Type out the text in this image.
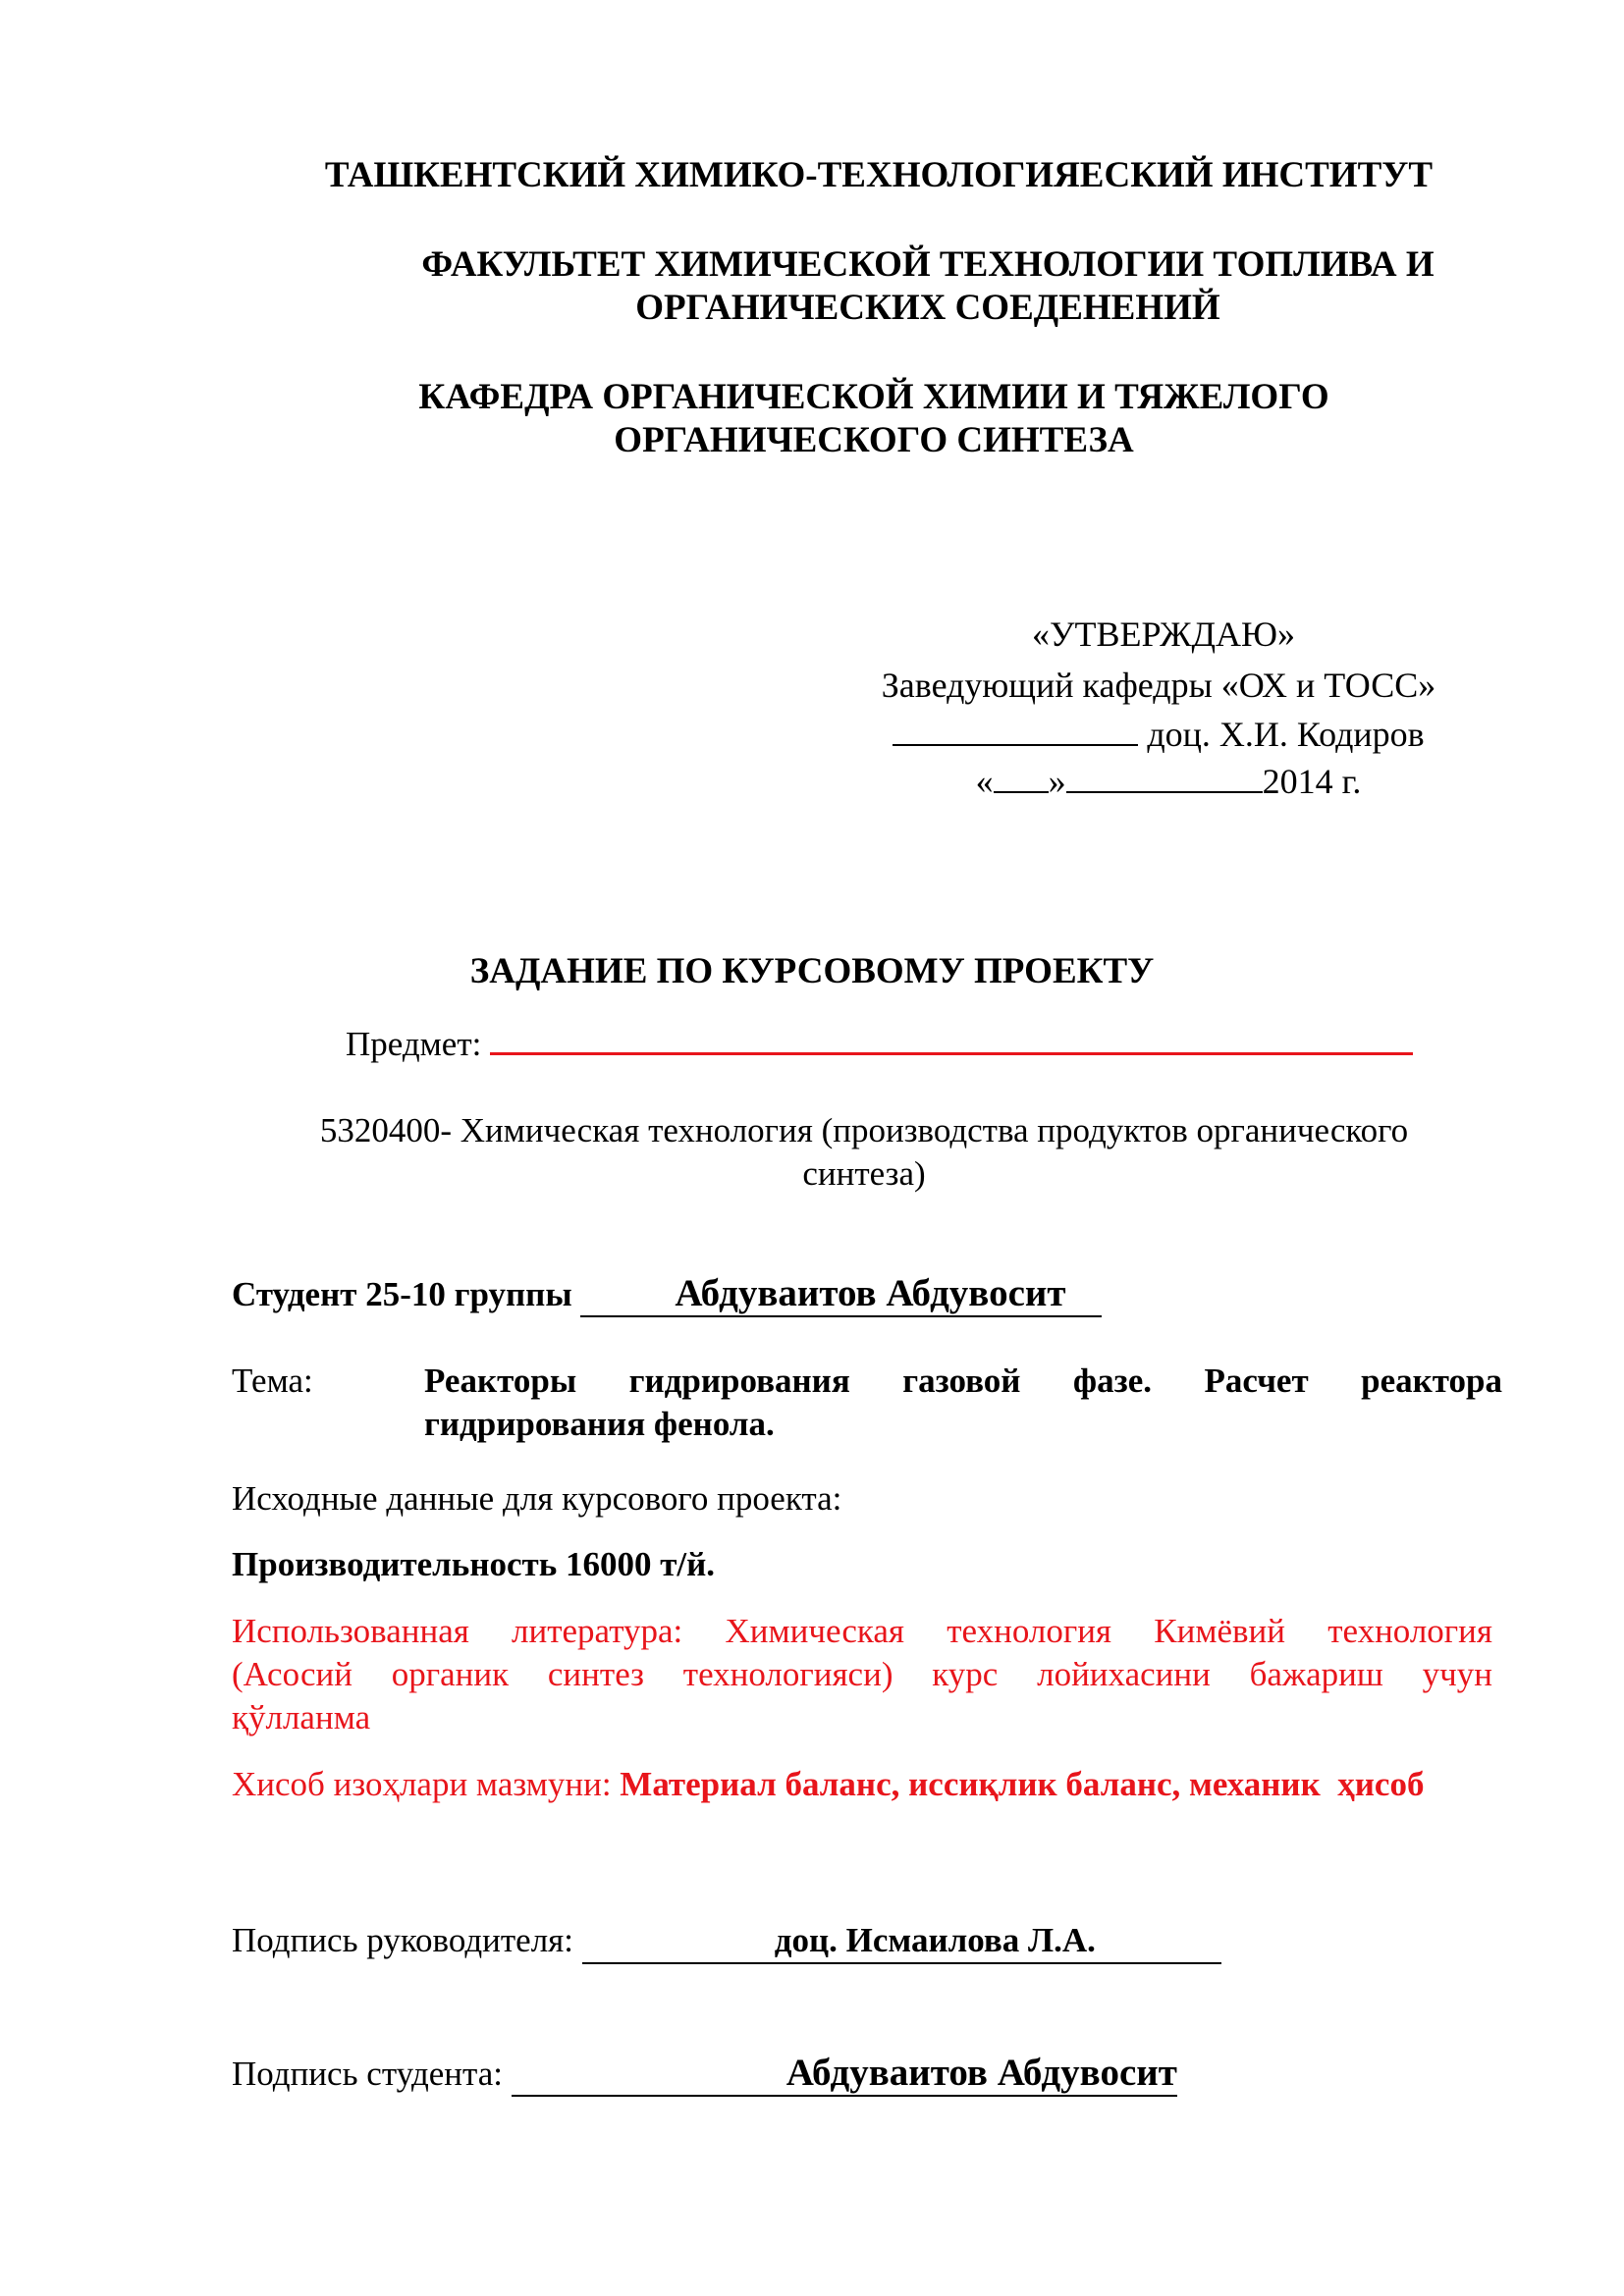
ТАШКЕНТСКИЙ ХИМИКО-ТЕХНОЛОГИЯЕСКИЙ ИНСТИТУТ
ФАКУЛЬТЕТ ХИМИЧЕСКОЙ ТЕХНОЛОГИИ ТОПЛИВА И
ОРГАНИЧЕСКИХ СОЕДЕНЕНИЙ
КАФЕДРА ОРГАНИЧЕСКОЙ ХИМИИ И ТЯЖЕЛОГО
ОРГАНИЧЕСКОГО СИНТЕЗА
«УТВЕРЖДАЮ»
Заведующий кафедры «ОХ и ТОСС»
доц. Х.И. Кодиров
« »	2014 г.
ЗАДАНИЕ ПО КУРСОВОМУ ПРОЕКТУ
Предмет:
5320400- Химическая технология (производства продуктов органического
синтеза)
Студент 25-10 группы	Абдуваитов Абдувосит
Тема:	Реакторы гидрирования газовой фазе. Расчет реактора
гидрирования фенола.
Исходные данные для курсового проекта:
Производительность 16000 т/й.
Использованная литература: Химическая технология Кимёвий технология
(Асосий органик синтез технологияси) курс лойихасини бажариш учун
қўлланма
Хисоб изоҳлари мазмуни: Материал баланс, иссиқлик баланс, механик  ҳисоб
Подпись руководителя:	доц. Исмаилова Л.А.
Подпись студента:	Абдуваитов Абдувосит
